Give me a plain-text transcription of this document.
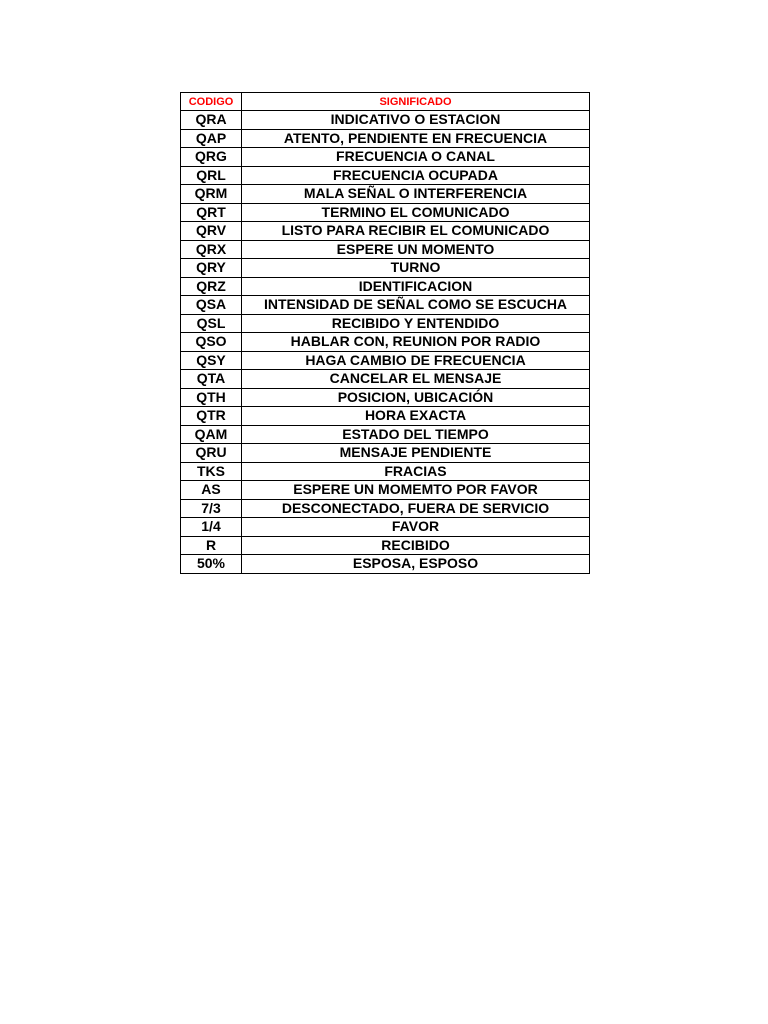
CODIGO	SIGNIFICADO
QRA	INDICATIVO O ESTACION
QAP	ATENTO, PENDIENTE EN FRECUENCIA
QRG	FRECUENCIA O CANAL
QRL	FRECUENCIA OCUPADA
QRM	MALA SEÑAL O INTERFERENCIA
QRT	TERMINO EL COMUNICADO
QRV	LISTO PARA RECIBIR EL COMUNICADO
QRX	ESPERE UN MOMENTO
QRY	TURNO
QRZ	IDENTIFICACION
QSA	INTENSIDAD DE SEÑAL COMO SE ESCUCHA
QSL	RECIBIDO Y ENTENDIDO
QSO	HABLAR CON, REUNION POR RADIO
QSY	HAGA CAMBIO DE FRECUENCIA
QTA	CANCELAR EL MENSAJE
QTH	POSICION, UBICACIÓN
QTR	HORA EXACTA
QAM	ESTADO DEL TIEMPO
QRU	MENSAJE PENDIENTE
TKS	FRACIAS
AS	ESPERE UN MOMEMTO POR FAVOR
7/3	DESCONECTADO, FUERA DE SERVICIO
1/4	FAVOR
R	RECIBIDO
50%	ESPOSA, ESPOSO
